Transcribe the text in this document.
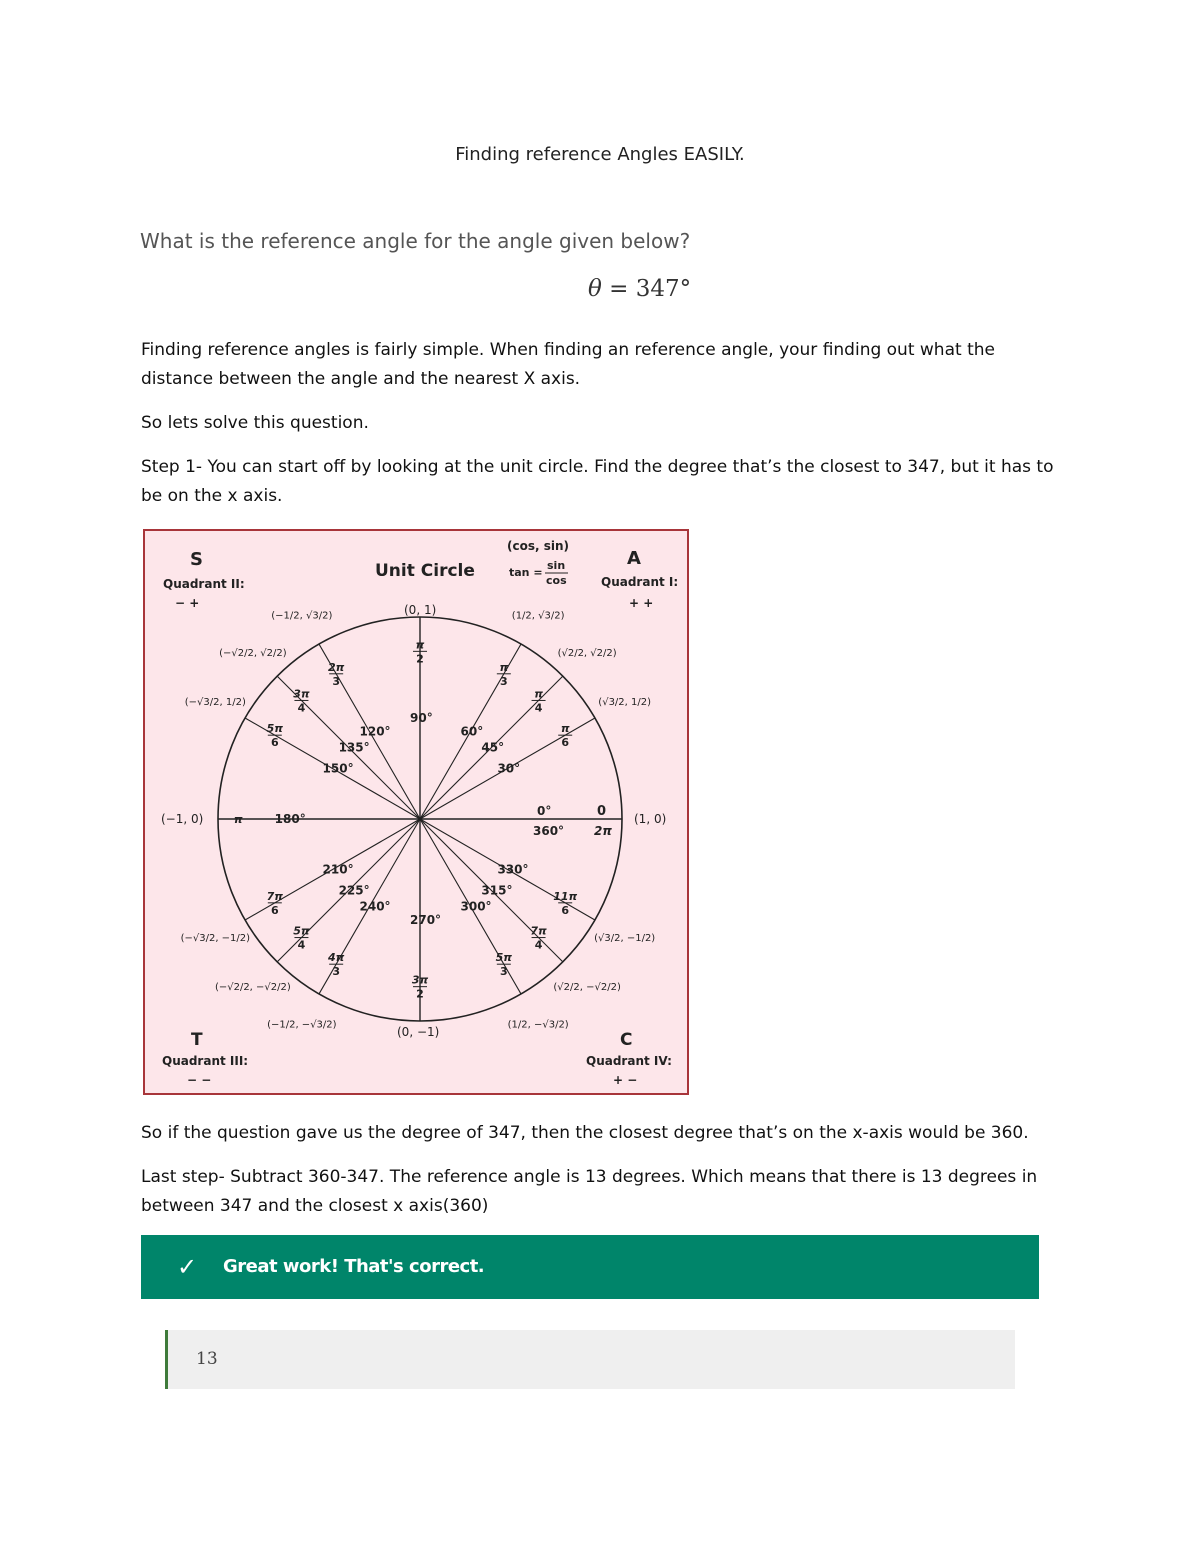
Finding reference Angles EASILY.
What is the reference angle for the angle given below?
θ = 347°
Finding reference angles is fairly simple. When finding an reference angle, your finding out what the distance between the angle and the nearest X axis.
So lets solve this question.
Step 1- You can start off by looking at the unit circle. Find the degree that’s the closest to 347, but it has to be on the x axis.
30°
π
6
(√3/2, 1/2)
45°
π
4
(√2/2, √2/2)
60°
π
3
(1/2, √3/2)
90°
π
2
120°
2π
3
(−1/2, √3/2)
135°
3π
4
(−√2/2, √2/2)
150°
5π
6
(−√3/2, 1/2)
180°
π
210°
7π
6
(−√3/2, −1/2)
225°
5π
4
(−√2/2, −√2/2)
240°
4π
3
(−1/2, −√3/2)
270°
3π
2
300°
5π
3
(1/2, −√3/2)
315°
7π
4
(√2/2, −√2/2)
330°
11π
6
(√3/2, −1/2)
Unit Circle
(cos, sin)
tan =
sin
cos
S
Quadrant II:
− +
A
Quadrant I:
+ +
T
Quadrant III:
− −
C
Quadrant IV:
+ −
(1, 0)
(0, 1)
(−1, 0)
(0, −1)
0°
360°
0
2π
So if the question gave us the degree of 347, then the closest degree that’s on the x-axis would be 360.
Last step- Subtract 360-347. The reference angle is 13 degrees. Which means that there is 13 degrees in between 347 and the closest x axis(360)
✓ Great work! That's correct.
13
